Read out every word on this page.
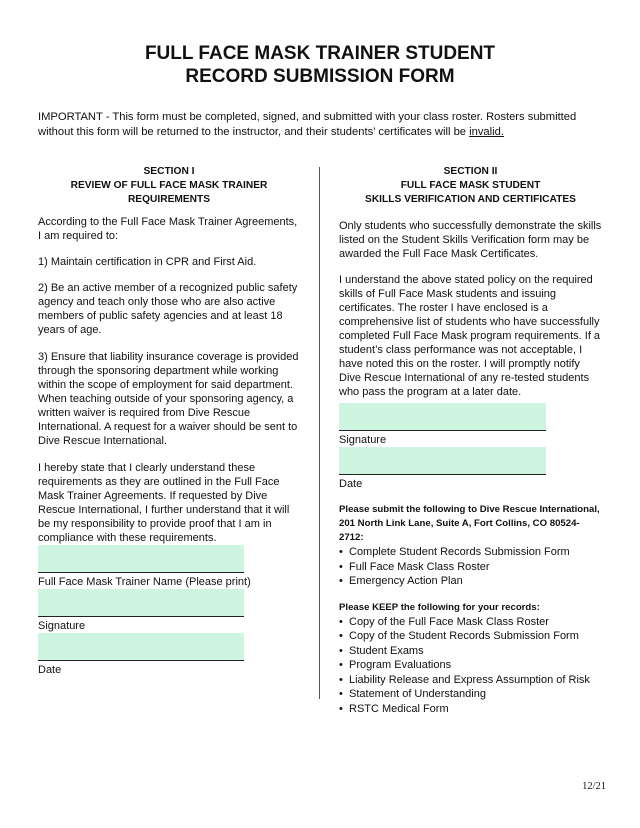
FULL FACE MASK TRAINER STUDENT
RECORD SUBMISSION FORM
IMPORTANT - This form must be completed, signed, and submitted with your class roster. Rosters submitted without this form will be returned to the instructor, and their students’ certificates will be invalid.

SECTION I

REVIEW OF FULL FACE MASK TRAINER REQUIREMENTS

According to the Full Face Mask Trainer Agreements, I am required to:

1) Maintain certification in CPR and First Aid.

2) Be an active member of a recognized public safety agency and teach only those who are also active members of public safety agencies and at least 18 years of age.

3) Ensure that liability insurance coverage is provided through the sponsoring department while working within the scope of employment for said department. When teaching outside of your sponsoring agency, a written waiver is required from Dive Rescue International. A request for a waiver should be sent to Dive Rescue International.

I hereby state that I clearly understand these requirements as they are outlined in the Full Face Mask Trainer Agreements. If requested by Dive Rescue International, I further understand that it will be my responsibility to provide proof that I am in compliance with these requirements.

Full Face Mask Trainer Name (Please print)

Signature

Date

SECTION II

FULL FACE MASK STUDENT

SKILLS VERIFICATION AND CERTIFICATES

Only students who successfully demonstrate the skills listed on the Student Skills Verification form may be awarded the Full Face Mask Certificates.

I understand the above stated policy on the required skills of Full Face Mask students and issuing certificates. The roster I have enclosed is a comprehensive list of students who have successfully completed Full Face Mask program requirements. If a student’s class performance was not acceptable, I have noted this on the roster. I will promptly notify Dive Rescue International of any re-tested students who pass the program at a later date.

Signature

Date

Please submit the following to Dive Rescue International, 201 North Link Lane, Suite A, Fort Collins, CO 80524-2712:

• Complete Student Records Submission Form
• Full Face Mask Class Roster
• Emergency Action Plan

Please KEEP the following for your records:

• Copy of the Full Face Mask Class Roster
• Copy of the Student Records Submission Form
• Student Exams
• Program Evaluations
• Liability Release and Express Assumption of Risk
• Statement of Understanding
• RSTC Medical Form
12/21
